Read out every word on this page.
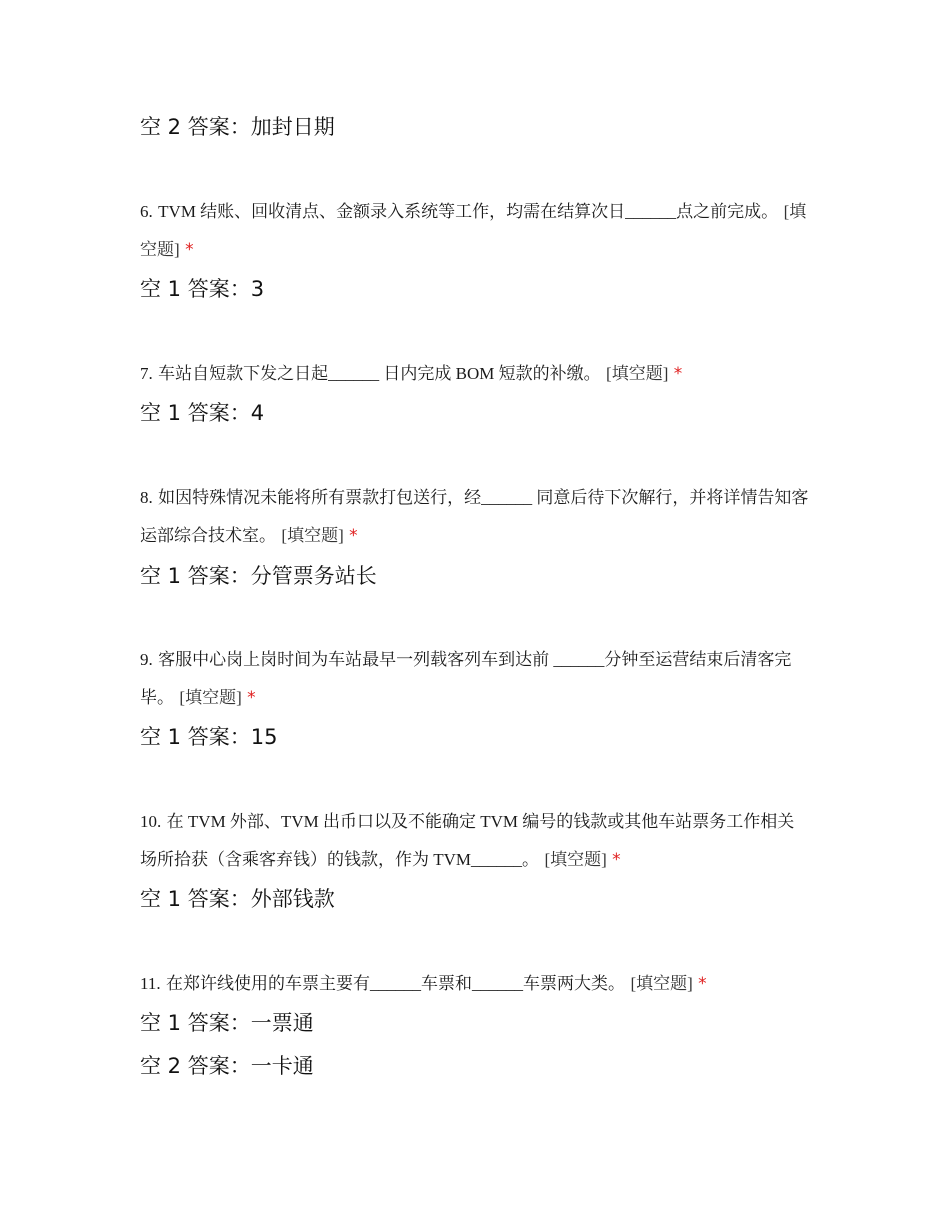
空 2 答案：加封日期
6. TVM 结账、回收清点、金额录入系统等工作，均需在结算次日______点之前完成。 [填空题] *
空 1 答案：3
7. 车站自短款下发之日起______ 日内完成 BOM 短款的补缴。 [填空题] *
空 1 答案：4
8. 如因特殊情况未能将所有票款打包送行，经______ 同意后待下次解行，并将详情告知客运部综合技术室。 [填空题] *
空 1 答案：分管票务站长
9. 客服中心岗上岗时间为车站最早一列载客列车到达前 ______分钟至运营结束后清客完毕。 [填空题] *
空 1 答案：15
10. 在 TVM 外部、TVM 出币口以及不能确定 TVM 编号的钱款或其他车站票务工作相关场所拾获（含乘客弃钱）的钱款，作为 TVM______。 [填空题] *
空 1 答案：外部钱款
11. 在郑许线使用的车票主要有______车票和______车票两大类。 [填空题] *
空 1 答案：一票通
空 2 答案：一卡通
